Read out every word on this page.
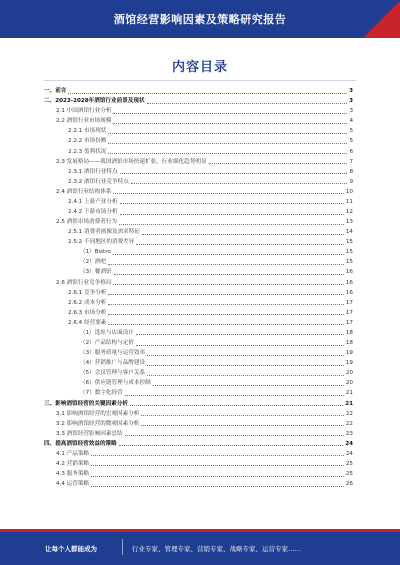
酒馆经营影响因素及策略研究报告
内容目录
一、前言	3
二、2023-2028年酒馆行业前景及现状	3
2.1 中国酒馆行业分析	3
2.2 酒馆行业市场规模	4
2.2.1 市场现状	5
2.2.2 市场份额	5
2.2.3 盈利状况	6
2.3 发展格局——我国酒馆市场快速扩张，行业细化趋势明显	7
2.3.1 酒馆行业特点	8
2.3.2 酒馆行业竞争特点	9
2.4 酒馆行业结构体系	10
2.4.1 上游产业分析	11
2.4.2 下游市场分析	12
2.5 酒馆市场消费者行为	13
2.5.1 消费者画像及需求特征	14
2.5.2 不同地区的消费差异	15
（1）Bistro	15
（2）酒吧	15
（3）餐酒馆	16
2.6 酒馆行业竞争格局	16
2.6.1 竞争分析	16
2.6.2 成本分析	17
2.6.3 市场分析	17
2.6.4 经营要素	17
（1）选址与店面设计	18
（2）产品结构与定价	18
（3）服务质量与运营效率	19
（4）营销推广与品牌建设	19
（5）会员管理与客户关系	20
（6）供应链管理与成本控制	20
（7）数字化经营	21
三、影响酒馆经营的关键因素分析	21
3.1 影响酒馆经营的宏观因素分析	22
3.2 影响酒馆经营的微观因素分析	22
3.3 酒馆经营影响因素总结	23
四、提高酒馆经营效益的策略	24
4.1 产品策略	24
4.2 营销策略	25
4.3 服务策略	25
4.4 运营策略	26
让每个人都能成为	行业专家、管理专家、营销专家、战略专家、运营专家……
